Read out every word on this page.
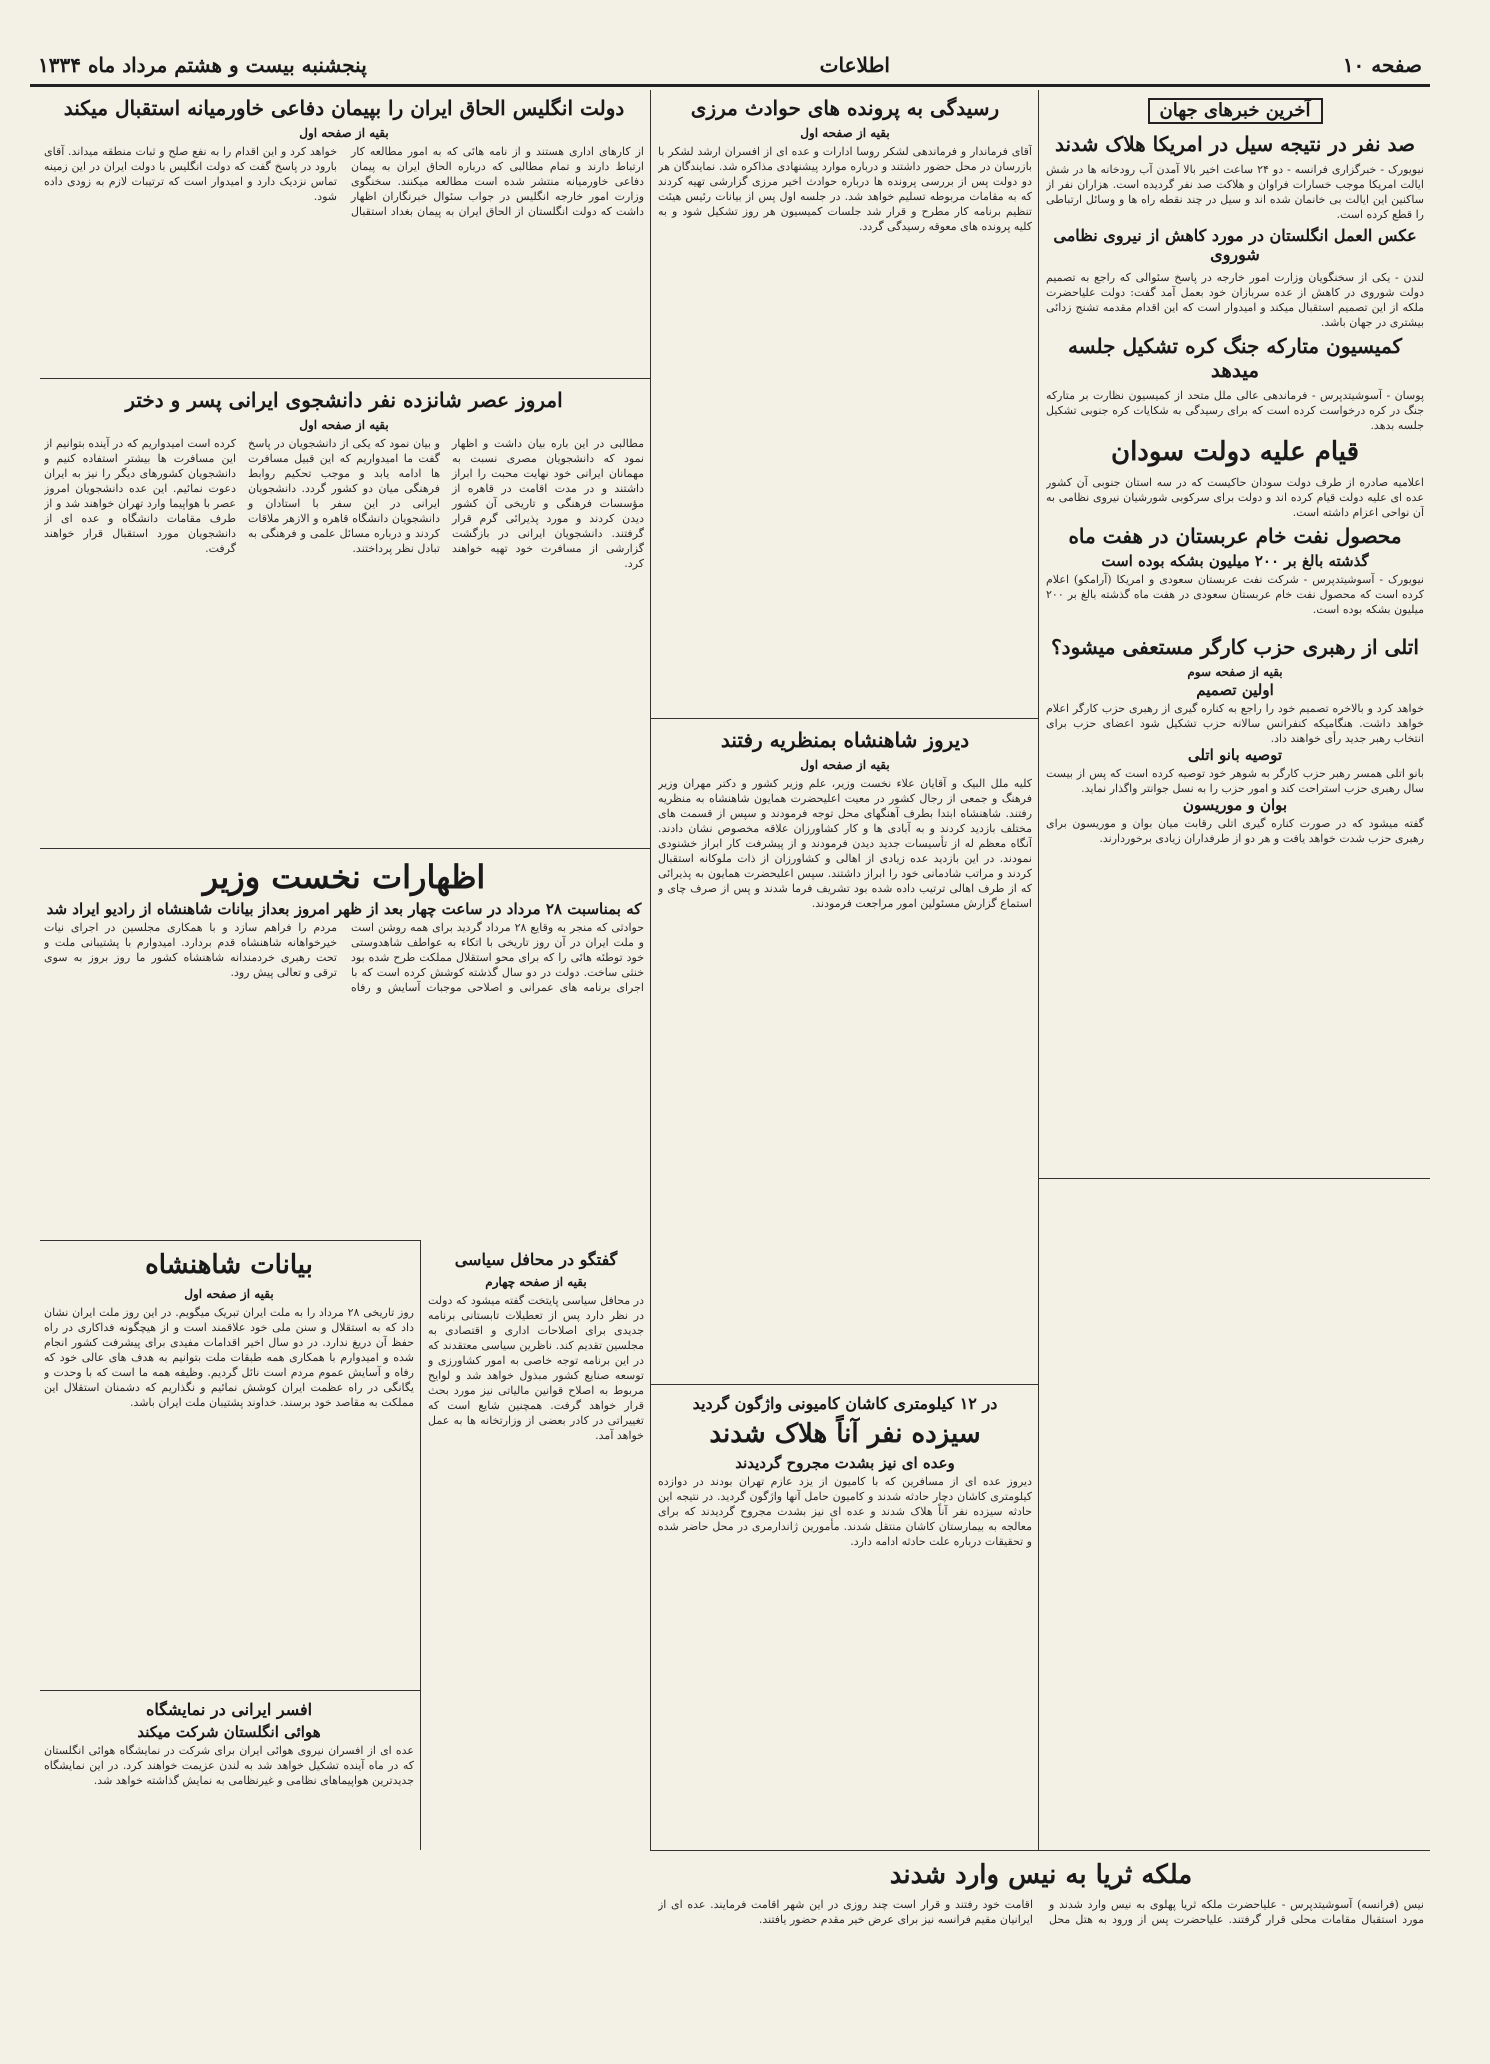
صفحه ۱۰
اطلاعات
پنجشنبه بیست و هشتم مرداد ماه ۱۳۳۴
آخرین خبرهای جهان
صد نفر در نتیجه سیل در امریکا هلاک شدند
نیویورک - خبرگزاری فرانسه - دو ۲۴ ساعت اخیر بالا آمدن آب رودخانه ها در شش ایالت امریکا موجب خسارات فراوان و هلاکت صد نفر گردیده است. هزاران نفر از ساکنین این ایالت بی خانمان شده اند و سیل در چند نقطه راه ها و وسائل ارتباطی را قطع کرده است.
عکس العمل انگلستان در مورد کاهش از نیروی نظامی شوروی
لندن - یکی از سخنگویان وزارت امور خارجه در پاسخ سئوالی که راجع به تصمیم دولت شوروی در کاهش از عده سربازان خود بعمل آمد گفت: دولت علیاحضرت ملکه از این تصمیم استقبال میکند و امیدوار است که این اقدام مقدمه تشنج زدائی بیشتری در جهان باشد.
کمیسیون متارکه جنگ کره تشکیل جلسه میدهد
پوسان - آسوشیتدپرس - فرماندهی عالی ملل متحد از کمیسیون نظارت بر متارکه جنگ در کره درخواست کرده است که برای رسیدگی به شکایات کره جنوبی تشکیل جلسه بدهد.
قیام علیه دولت سودان
اعلامیه صادره از طرف دولت سودان حاکیست که در سه استان جنوبی آن کشور عده ای علیه دولت قیام کرده اند و دولت برای سرکوبی شورشیان نیروی نظامی به آن نواحی اعزام داشته است.
محصول نفت خام عربستان در هفت ماه
گذشته بالغ بر ۲۰۰ میلیون بشکه بوده است
نیویورک - آسوشیتدپرس - شرکت نفت عربستان سعودی و امریکا (آرامکو) اعلام کرده است که محصول نفت خام عربستان سعودی در هفت ماه گذشته بالغ بر ۲۰۰ میلیون بشکه بوده است.
اتلی از رهبری حزب کارگر مستعفی میشود؟
بقیه از صفحه سوم
اولین تصمیم
خواهد کرد و بالاخره تصمیم خود را راجع به کناره گیری از رهبری حزب کارگر اعلام خواهد داشت. هنگامیکه کنفرانس سالانه حزب تشکیل شود اعضای حزب برای انتخاب رهبر جدید رأی خواهند داد.
توصیه بانو اتلی
بانو اتلی همسر رهبر حزب کارگر به شوهر خود توصیه کرده است که پس از بیست سال رهبری حزب استراحت کند و امور حزب را به نسل جوانتر واگذار نماید.
بوان و موریسون
گفته میشود که در صورت کناره گیری اتلی رقابت میان بوان و موریسون برای رهبری حزب شدت خواهد یافت و هر دو از طرفداران زیادی برخوردارند.
رسیدگی به پرونده های حوادث مرزی
بقیه از صفحه اول
آقای فرماندار و فرماندهی لشکر روسا ادارات و عده ای از افسران ارشد لشکر با بازرسان در محل حضور داشتند و درباره موارد پیشنهادی مذاکره شد. نمایندگان هر دو دولت پس از بررسی پرونده ها درباره حوادث اخیر مرزی گزارشی تهیه کردند که به مقامات مربوطه تسلیم خواهد شد. در جلسه اول پس از بیانات رئیس هیئت تنظیم برنامه کار مطرح و قرار شد جلسات کمیسیون هر روز تشکیل شود و به کلیه پرونده های معوقه رسیدگی گردد.
دیروز شاهنشاه بمنظریه رفتند
بقیه از صفحه اول
کلیه ملل البیک و آقایان علاء نخست وزیر، علم وزیر کشور و دکتر مهران وزیر فرهنگ و جمعی از رجال کشور در معیت اعلیحضرت همایون شاهنشاه به منظریه رفتند. شاهنشاه ابتدا بطرف آهنگهای محل توجه فرمودند و سپس از قسمت های مختلف بازدید کردند و به آبادی ها و کار کشاورزان علاقه مخصوص نشان دادند. آنگاه معظم له از تأسیسات جدید دیدن فرمودند و از پیشرفت کار ابراز خشنودی نمودند. در این بازدید عده زیادی از اهالی و کشاورزان از ذات ملوکانه استقبال کردند و مراتب شادمانی خود را ابراز داشتند. سپس اعلیحضرت همایون به پذیرائی که از طرف اهالی ترتیب داده شده بود تشریف فرما شدند و پس از صرف چای و استماع گزارش مسئولین امور مراجعت فرمودند.
در ۱۲ کیلومتری کاشان کامیونی واژگون گردید
سیزده نفر آناً هلاک شدند
وعده ای نیز بشدت مجروح گردیدند
دیروز عده ای از مسافرین که با کامیون از یزد عازم تهران بودند در دوازده کیلومتری کاشان دچار حادثه شدند و کامیون حامل آنها واژگون گردید. در نتیجه این حادثه سیزده نفر آناً هلاک شدند و عده ای نیز بشدت مجروح گردیدند که برای معالجه به بیمارستان کاشان منتقل شدند. مأمورین ژاندارمری در محل حاضر شده و تحقیقات درباره علت حادثه ادامه دارد.
دولت انگلیس الحاق ایران را بپیمان دفاعی خاورمیانه استقبال میکند
بقیه از صفحه اول
از کارهای اداری هستند و از نامه هائی که به امور مطالعه کار ارتباط دارند و تمام مطالبی که درباره الحاق ایران به پیمان دفاعی خاورمیانه منتشر شده است مطالعه میکنند. سخنگوی وزارت امور خارجه انگلیس در جواب سئوال خبرنگاران اظهار داشت که دولت انگلستان از الحاق ایران به پیمان بغداد استقبال خواهد کرد و این اقدام را به نفع صلح و ثبات منطقه میداند. آقای بارود در پاسخ گفت که دولت انگلیس با دولت ایران در این زمینه تماس نزدیک دارد و امیدوار است که ترتیبات لازم به زودی داده شود.
امروز عصر شانزده نفر دانشجوی ایرانی پسر و دختر
بقیه از صفحه اول
مطالبی در این باره بیان داشت و اظهار نمود که دانشجویان مصری نسبت به مهمانان ایرانی خود نهایت محبت را ابراز داشتند و در مدت اقامت در قاهره از مؤسسات فرهنگی و تاریخی آن کشور دیدن کردند و مورد پذیرائی گرم قرار گرفتند. دانشجویان ایرانی در بازگشت گزارشی از مسافرت خود تهیه خواهند کرد.
و بیان نمود که یکی از دانشجویان در پاسخ گفت ما امیدواریم که این قبیل مسافرت ها ادامه یابد و موجب تحکیم روابط فرهنگی میان دو کشور گردد. دانشجویان ایرانی در این سفر با استادان و دانشجویان دانشگاه قاهره و الازهر ملاقات کردند و درباره مسائل علمی و فرهنگی به تبادل نظر پرداختند.
کرده است امیدواریم که در آینده بتوانیم از این مسافرت ها بیشتر استفاده کنیم و دانشجویان کشورهای دیگر را نیز به ایران دعوت نمائیم. این عده دانشجویان امروز عصر با هواپیما وارد تهران خواهند شد و از طرف مقامات دانشگاه و عده ای از دانشجویان مورد استقبال قرار خواهند گرفت.
اظهارات نخست وزیر
که بمناسبت ۲۸ مرداد در ساعت چهار بعد از ظهر امروز بعداز بیانات شاهنشاه از رادیو ایراد شد
حوادثی که منجر به وقایع ۲۸ مرداد گردید برای همه روشن است و ملت ایران در آن روز تاریخی با اتکاء به عواطف شاهدوستی خود توطئه هائی را که برای محو استقلال مملکت طرح شده بود خنثی ساخت. دولت در دو سال گذشته کوشش کرده است که با اجرای برنامه های عمرانی و اصلاحی موجبات آسایش و رفاه مردم را فراهم سازد و با همکاری مجلسین در اجرای نیات خیرخواهانه شاهنشاه قدم بردارد. امیدوارم با پشتیبانی ملت و تحت رهبری خردمندانه شاهنشاه کشور ما روز بروز به سوی ترقی و تعالی پیش رود.
گفتگو در محافل سیاسی
بقیه از صفحه چهارم
در محافل سیاسی پایتخت گفته میشود که دولت در نظر دارد پس از تعطیلات تابستانی برنامه جدیدی برای اصلاحات اداری و اقتصادی به مجلسین تقدیم کند. ناظرین سیاسی معتقدند که در این برنامه توجه خاصی به امور کشاورزی و توسعه صنایع کشور مبذول خواهد شد و لوایح مربوط به اصلاح قوانین مالیاتی نیز مورد بحث قرار خواهد گرفت. همچنین شایع است که تغییراتی در کادر بعضی از وزارتخانه ها به عمل خواهد آمد.
بیانات شاهنشاه
بقیه از صفحه اول
روز تاریخی ۲۸ مرداد را به ملت ایران تبریک میگویم. در این روز ملت ایران نشان داد که به استقلال و سنن ملی خود علاقمند است و از هیچگونه فداکاری در راه حفظ آن دریغ ندارد. در دو سال اخیر اقدامات مفیدی برای پیشرفت کشور انجام شده و امیدوارم با همکاری همه طبقات ملت بتوانیم به هدف های عالی خود که رفاه و آسایش عموم مردم است نائل گردیم. وظیفه همه ما است که با وحدت و یگانگی در راه عظمت ایران کوشش نمائیم و نگذاریم که دشمنان استقلال این مملکت به مقاصد خود برسند. خداوند پشتیبان ملت ایران باشد.
افسر ایرانی در نمایشگاه
هوائی انگلستان شرکت میکند
عده ای از افسران نیروی هوائی ایران برای شرکت در نمایشگاه هوائی انگلستان که در ماه آینده تشکیل خواهد شد به لندن عزیمت خواهند کرد. در این نمایشگاه جدیدترین هواپیماهای نظامی و غیرنظامی به نمایش گذاشته خواهد شد.
ملکه ثریا به نیس وارد شدند
نیس (فرانسه) آسوشیتدپرس - علیاحضرت ملکه ثریا پهلوی به نیس وارد شدند و مورد استقبال مقامات محلی قرار گرفتند. علیاحضرت پس از ورود به هتل محل اقامت خود رفتند و قرار است چند روزی در این شهر اقامت فرمایند. عده ای از ایرانیان مقیم فرانسه نیز برای عرض خیر مقدم حضور یافتند.
